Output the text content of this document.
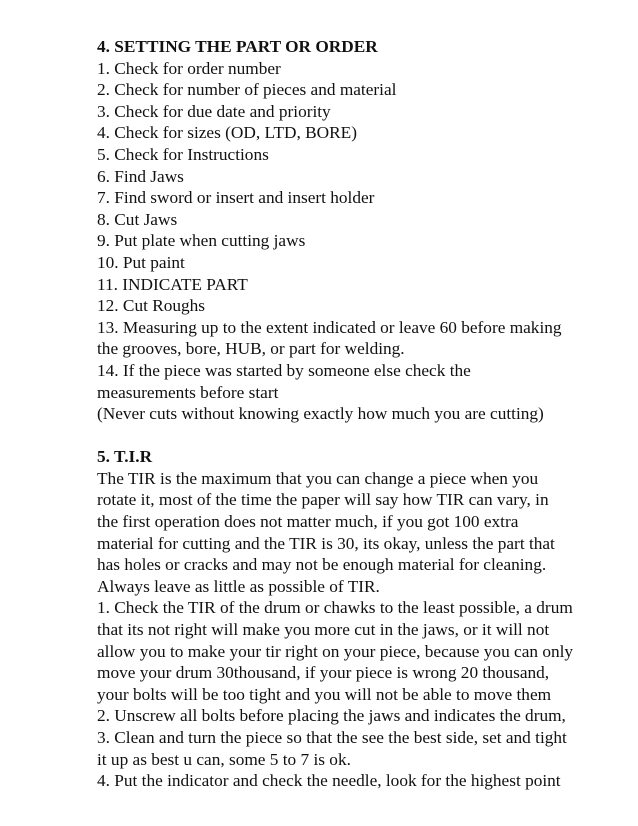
4. SETTING THE PART OR ORDER

1. Check for order number

2. Check for number of pieces and material

3. Check for due date and priority

4. Check for sizes (OD, LTD, BORE)

5. Check for Instructions

6. Find Jaws

7. Find sword or insert and insert holder

8. Cut Jaws

9. Put plate when cutting jaws

10. Put paint

11. INDICATE PART

12. Cut Roughs

13. Measuring up to the extent indicated or leave 60 before making

the grooves, bore, HUB, or part for welding.

14. If the piece was started by someone else check the

measurements before start

(Never cuts without knowing exactly how much you are cutting)

5. T.I.R

The TIR is the maximum that you can change a piece when you

rotate it, most of the time the paper will say how TIR can vary, in

the first operation does not matter much, if you got 100 extra

material for cutting and the TIR is 30, its okay, unless the part that

has holes or cracks and may not be enough material for cleaning.

Always leave as little as possible of TIR.

1. Check the TIR of the drum or chawks to the least possible, a drum

that its not right will make you more cut in the jaws, or it will not

allow you to make your tir right on your piece, because you can only

move your drum 30thousand, if your piece is wrong 20 thousand,

your bolts will be too tight and you will not be able to move them

2. Unscrew all bolts before placing the jaws and indicates the drum,

3. Clean and turn the piece so that the see the best side, set and tight

it up as best u can, some 5 to 7 is ok.

4. Put the indicator and check the needle, look for the highest point
